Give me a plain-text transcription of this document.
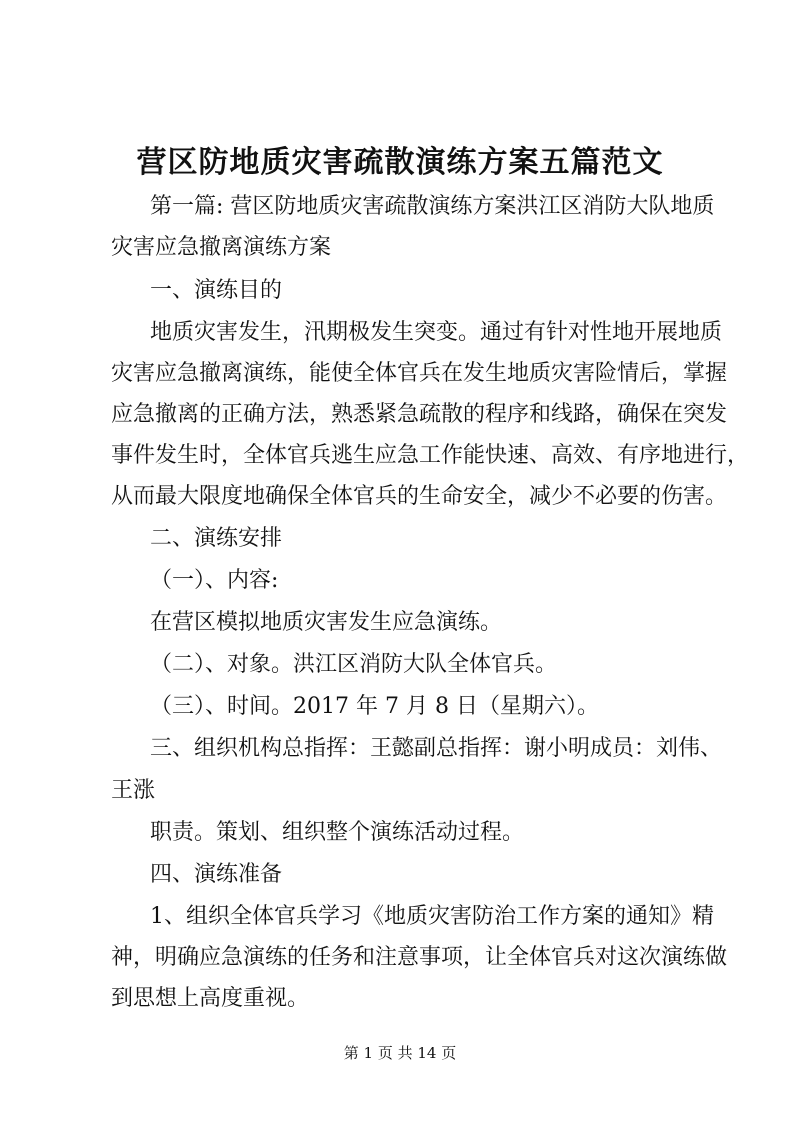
营区防地质灾害疏散演练方案五篇范文
第一篇: 营区防地质灾害疏散演练方案洪江区消防大队地质
灾害应急撤离演练方案
一、演练目的
地质灾害发生，汛期极发生突变。通过有针对性地开展地质
灾害应急撤离演练，能使全体官兵在发生地质灾害险情后，掌握
应急撤离的正确方法，熟悉紧急疏散的程序和线路，确保在突发
事件发生时，全体官兵逃生应急工作能快速、高效、有序地进行，
从而最大限度地确保全体官兵的生命安全，减少不必要的伤害。
二、演练安排
（一）、内容:
在营区模拟地质灾害发生应急演练。
（二）、对象。洪江区消防大队全体官兵。
（三）、时间。2017 年 7 月 8 日（星期六）。
三、组织机构总指挥：王懿副总指挥：谢小明成员：刘伟、
王涨
职责。策划、组织整个演练活动过程。
四、演练准备
1、组织全体官兵学习《地质灾害防治工作方案的通知》精
神，明确应急演练的任务和注意事项，让全体官兵对这次演练做
到思想上高度重视。
第 1 页 共 14 页
